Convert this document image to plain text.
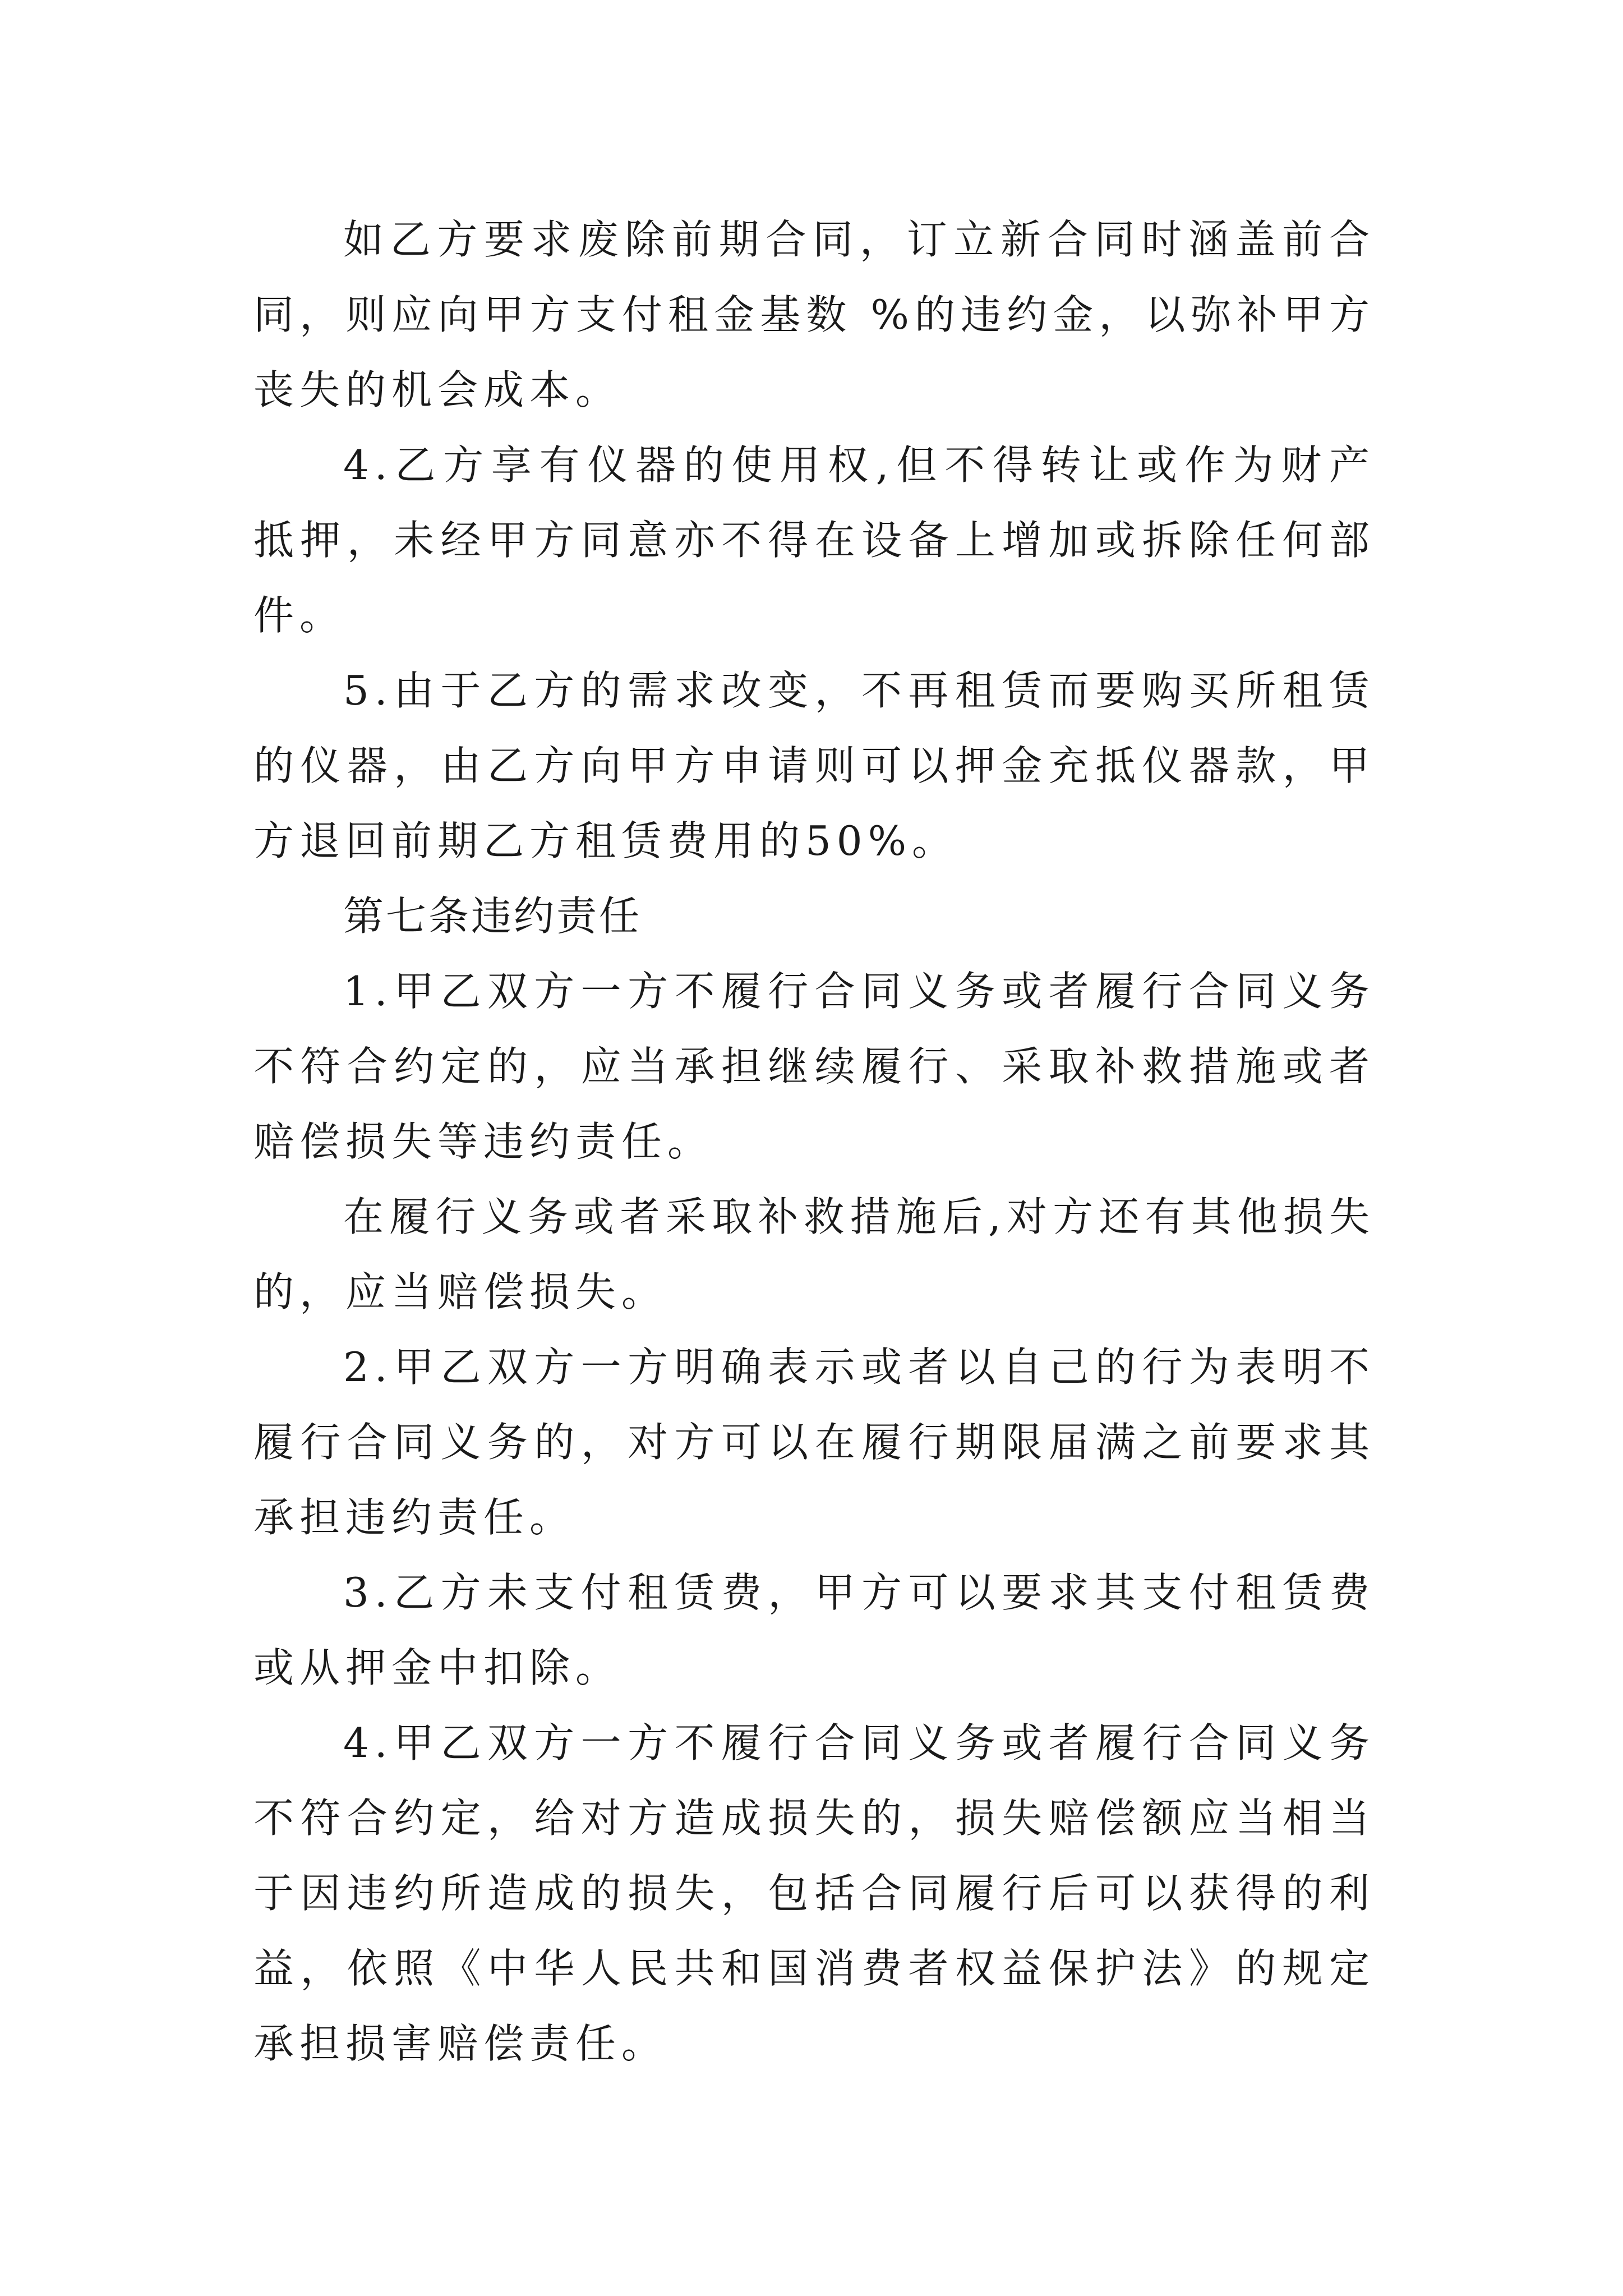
如乙方要求废除前期合同，订立新合同时涵盖前合同，则应向甲方支付租金基数 %的违约金，以弥补甲方丧失的机会成本。

4.乙方享有仪器的使用权,但不得转让或作为财产抵押，未经甲方同意亦不得在设备上增加或拆除任何部件。

5.由于乙方的需求改变，不再租赁而要购买所租赁的仪器，由乙方向甲方申请则可以押金充抵仪器款，甲方退回前期乙方租赁费用的50%。

第七条违约责任

1.甲乙双方一方不履行合同义务或者履行合同义务不符合约定的，应当承担继续履行、采取补救措施或者赔偿损失等违约责任。

在履行义务或者采取补救措施后,对方还有其他损失的，应当赔偿损失。

2.甲乙双方一方明确表示或者以自己的行为表明不履行合同义务的，对方可以在履行期限届满之前要求其承担违约责任。

3.乙方未支付租赁费，甲方可以要求其支付租赁费或从押金中扣除。

4.甲乙双方一方不履行合同义务或者履行合同义务不符合约定，给对方造成损失的，损失赔偿额应当相当于因违约所造成的损失，包括合同履行后可以获得的利益，依照《中华人民共和国消费者权益保护法》的规定承担损害赔偿责任。
